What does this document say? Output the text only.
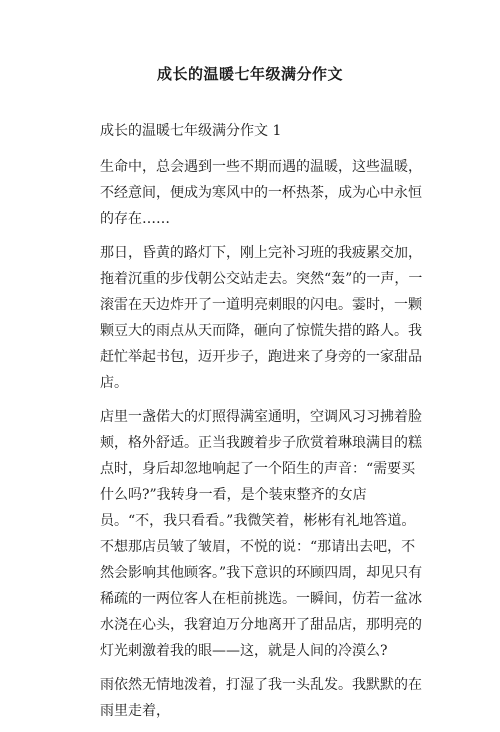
成长的温暖七年级满分作文

成长的温暖七年级满分作文 1

生命中，总会遇到一些不期而遇的温暖，这些温暖，不经意间，便成为寒风中的一杯热茶，成为心中永恒的存在……

那日，昏黄的路灯下，刚上完补习班的我疲累交加，拖着沉重的步伐朝公交站走去。突然“轰”的一声，一滚雷在天边炸开了一道明亮刺眼的闪电。霎时，一颗颗豆大的雨点从天而降，砸向了惊慌失措的路人。我赶忙举起书包，迈开步子，跑进来了身旁的一家甜品店。

店里一盏偌大的灯照得满室通明，空调风习习拂着脸颊，格外舒适。正当我踱着步子欣赏着琳琅满目的糕点时，身后却忽地响起了一个陌生的声音：“需要买什么吗?”我转身一看，是个装束整齐的女店员。“不，我只看看。”我微笑着，彬彬有礼地答道。不想那店员皱了皱眉，不悦的说：“那请出去吧，不然会影响其他顾客。”我下意识的环顾四周，却见只有稀疏的一两位客人在柜前挑选。一瞬间，仿若一盆冰水浇在心头，我窘迫万分地离开了甜品店，那明亮的灯光刺激着我的眼——这，就是人间的冷漠么?

雨依然无情地泼着，打湿了我一头乱发。我默默的在雨里走着，
